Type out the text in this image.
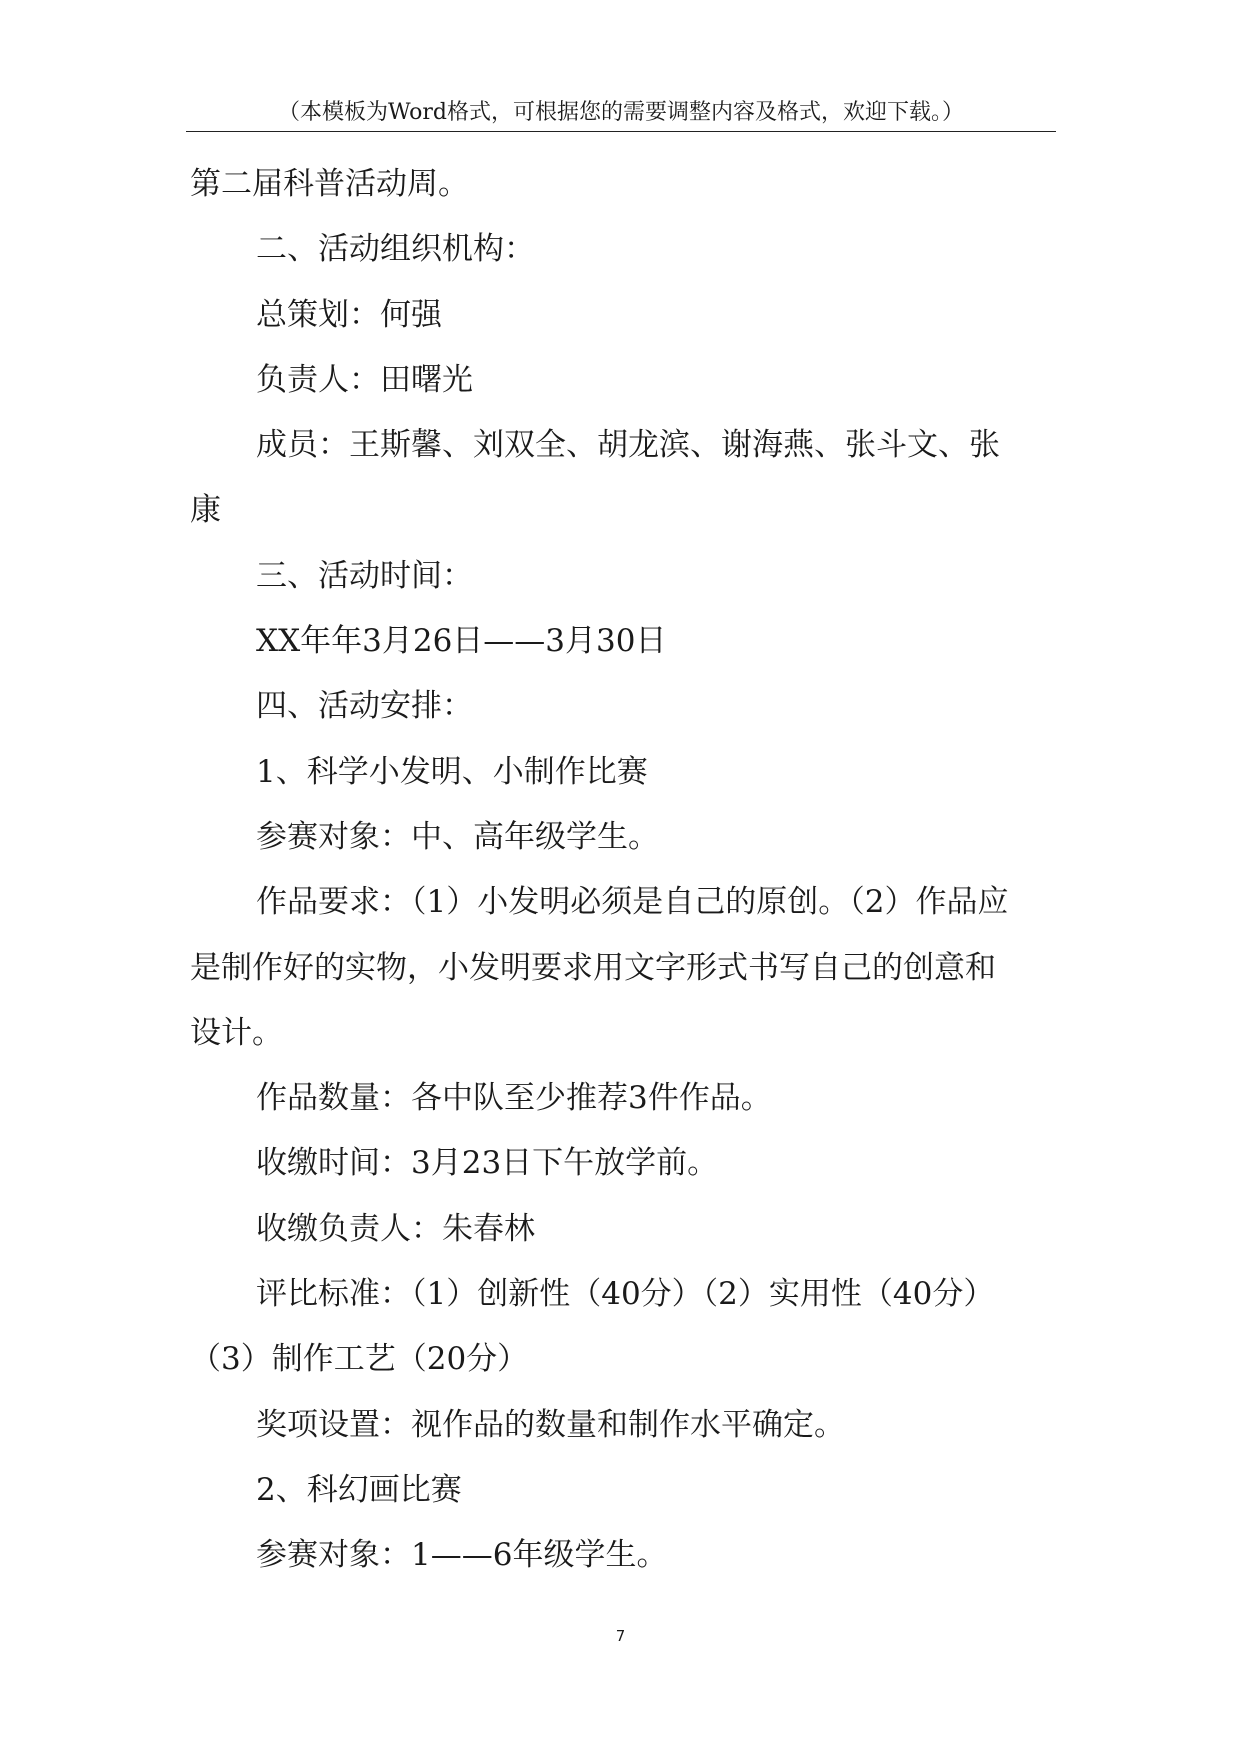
（本模板为Word格式，可根据您的需要调整内容及格式，欢迎下载。）

第二届科普活动周。

二、活动组织机构：

总策划：何强

负责人：田曙光

成员：王斯馨、刘双全、胡龙滨、谢海燕、张斗文、张

康

三、活动时间：

XX年年3月26日——3月30日

四、活动安排：

1、科学小发明、小制作比赛

参赛对象：中、高年级学生。

作品要求：（1）小发明必须是自己的原创。（2）作品应

是制作好的实物，小发明要求用文字形式书写自己的创意和

设计。

作品数量：各中队至少推荐3件作品。

收缴时间：3月23日下午放学前。

收缴负责人：朱春林

评比标准：（1）创新性（40分）（2）实用性（40分）

（3）制作工艺（20分）

奖项设置：视作品的数量和制作水平确定。

2、科幻画比赛

参赛对象：1——6年级学生。

7
